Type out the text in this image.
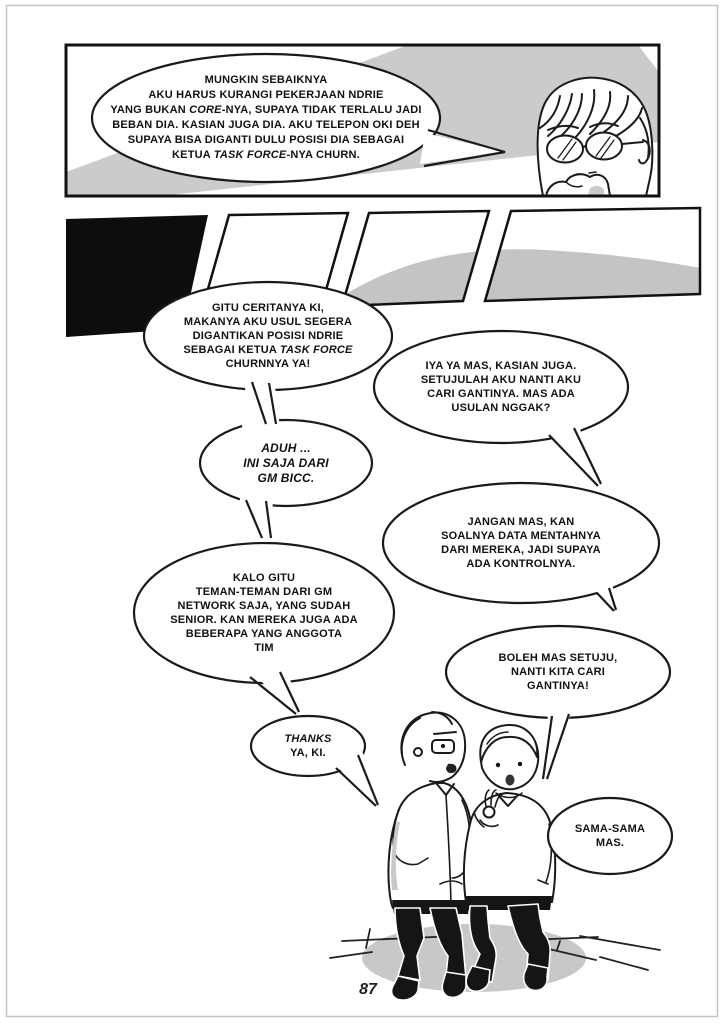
MUNGKIN SEBAIKNYA
AKU HARUS KURANGI PEKERJAAN NDRIE
YANG BUKAN CORE-NYA, SUPAYA TIDAK TERLALU JADI
BEBAN DIA. KASIAN JUGA DIA. AKU TELEPON OKI DEH
SUPAYA BISA DIGANTI DULU POSISI DIA SEBAGAI
KETUA TASK FORCE-NYA CHURN.
GITU CERITANYA KI,
MAKANYA AKU USUL SEGERA
DIGANTIKAN POSISI NDRIE
SEBAGAI KETUA TASK FORCE
CHURNNYA YA!	IYA YA MAS, KASIAN JUGA.
SETUJULAH AKU NANTI AKU
CARI GANTINYA. MAS ADA
USULAN NGGAK?
ADUH ...
INI SAJA DARI
GM BICC.
JANGAN MAS, KAN
SOALNYA DATA MENTAHNYA
DARI MEREKA, JADI SUPAYA
ADA KONTROLNYA.
KALO GITU
TEMAN-TEMAN DARI GM
NETWORK SAJA, YANG SUDAH
SENIOR. KAN MEREKA JUGA ADA
BEBERAPA YANG ANGGOTA
TIM
BOLEH MAS SETUJU,
NANTI KITA CARI
GANTINYA!
THANKS
YA, KI.
SAMA-SAMA
MAS.
87
